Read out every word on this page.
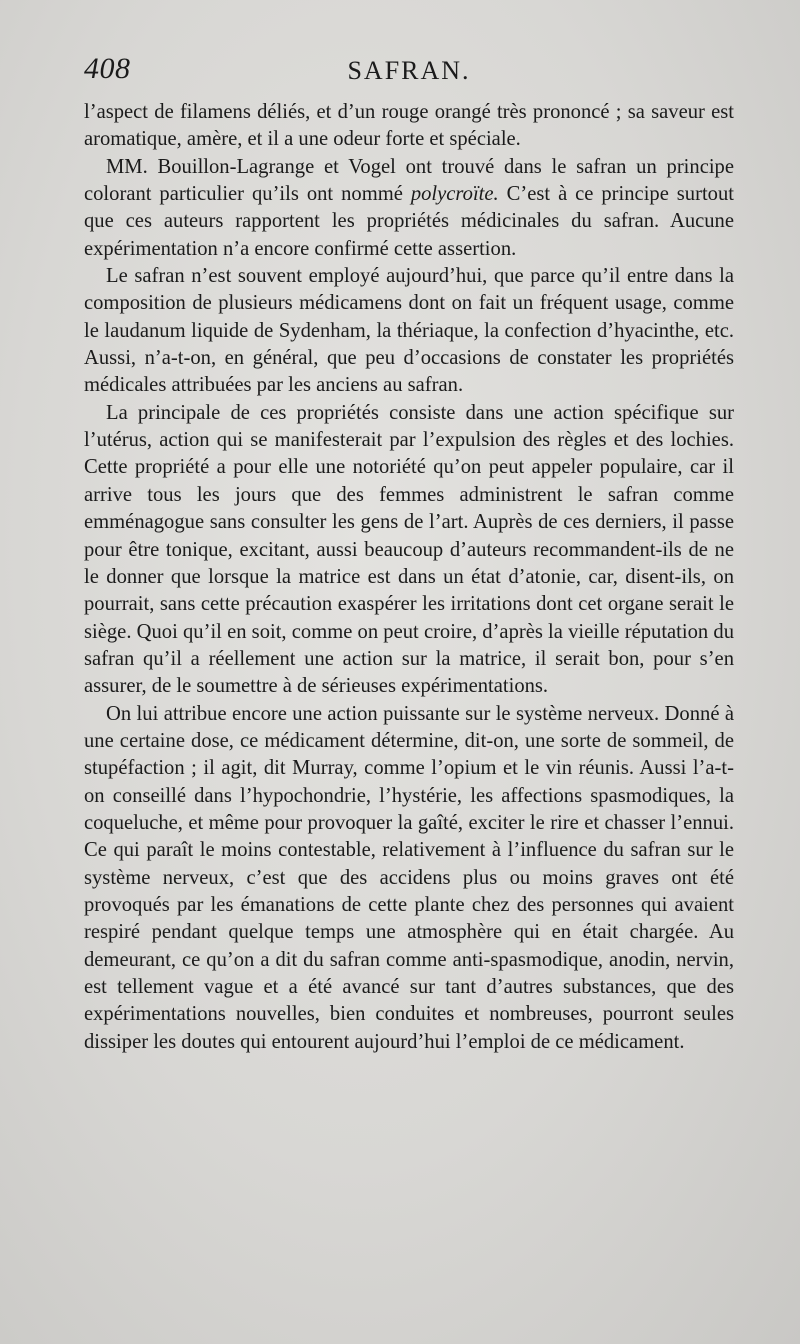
408	SAFRAN.

l’aspect de filamens déliés, et d’un rouge orangé très prononcé ; sa saveur est aromatique, amère, et il a une odeur forte et spéciale.

MM. Bouillon-Lagrange et Vogel ont trouvé dans le safran un principe colorant particulier qu’ils ont nommé polycroïte. C’est à ce principe surtout que ces auteurs rapportent les propriétés médicinales du safran. Aucune expérimentation n’a encore confirmé cette assertion.

Le safran n’est souvent employé aujourd’hui, que parce qu’il entre dans la composition de plusieurs médicamens dont on fait un fréquent usage, comme le laudanum liquide de Sydenham, la thériaque, la confection d’hyacinthe, etc. Aussi, n’a-t-on, en général, que peu d’occasions de constater les propriétés médicales attribuées par les anciens au safran.

La principale de ces propriétés consiste dans une action spécifique sur l’utérus, action qui se manifesterait par l’expulsion des règles et des lochies. Cette propriété a pour elle une notoriété qu’on peut appeler populaire, car il arrive tous les jours que des femmes administrent le safran comme emménagogue sans consulter les gens de l’art. Auprès de ces derniers, il passe pour être tonique, excitant, aussi beaucoup d’auteurs recommandent-ils de ne le donner que lorsque la matrice est dans un état d’atonie, car, disent-ils, on pourrait, sans cette précaution exaspérer les irritations dont cet organe serait le siège. Quoi qu’il en soit, comme on peut croire, d’après la vieille réputation du safran qu’il a réellement une action sur la matrice, il serait bon, pour s’en assurer, de le soumettre à de sérieuses expérimentations.

On lui attribue encore une action puissante sur le système nerveux. Donné à une certaine dose, ce médicament détermine, dit-on, une sorte de sommeil, de stupéfaction ; il agit, dit Murray, comme l’opium et le vin réunis. Aussi l’a-t-on conseillé dans l’hypochondrie, l’hystérie, les affections spasmodiques, la coqueluche, et même pour provoquer la gaîté, exciter le rire et chasser l’ennui. Ce qui paraît le moins contestable, relativement à l’influence du safran sur le système nerveux, c’est que des accidens plus ou moins graves ont été provoqués par les émanations de cette plante chez des personnes qui avaient respiré pendant quelque temps une atmosphère qui en était chargée. Au demeurant, ce qu’on a dit du safran comme anti-spasmodique, anodin, nervin, est tellement vague et a été avancé sur tant d’autres substances, que des expérimentations nouvelles, bien conduites et nombreuses, pourront seules dissiper les doutes qui entourent aujourd’hui l’emploi de ce médicament.
